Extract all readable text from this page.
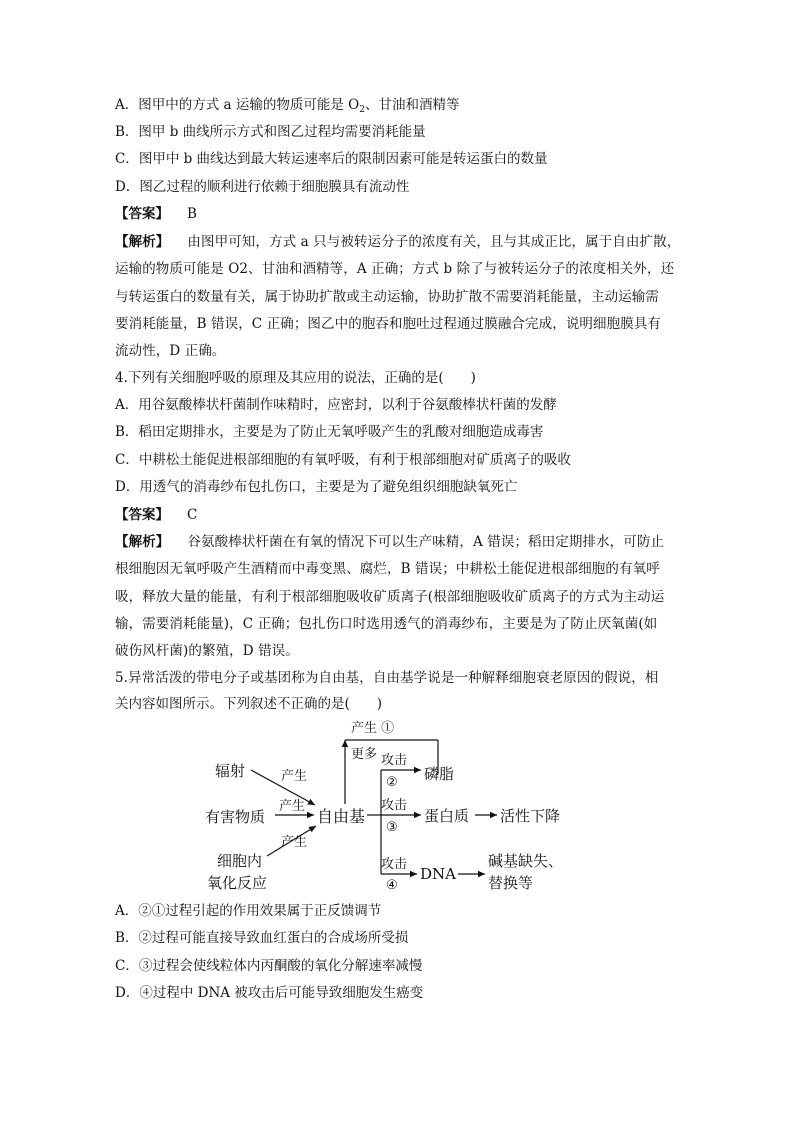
A．图甲中的方式 a 运输的物质可能是 $O_2$、甘油和酒精等
B．图甲 b 曲线所示方式和图乙过程均需要消耗能量
C．图甲中 b 曲线达到最大转运速率后的限制因素可能是转运蛋白的数量
D．图乙过程的顺利进行依赖于细胞膜具有流动性
【答案】 B
【解析】 由图甲可知，方式 a 只与被转运分子的浓度有关，且与其成正比，属于自由扩散，
运输的物质可能是 O2、甘油和酒精等，A 正确；方式 b 除了与被转运分子的浓度相关外，还
与转运蛋白的数量有关，属于协助扩散或主动运输，协助扩散不需要消耗能量，主动运输需
要消耗能量，B 错误，C 正确；图乙中的胞吞和胞吐过程通过膜融合完成，说明细胞膜具有
流动性，D 正确。
4.下列有关细胞呼吸的原理及其应用的说法，正确的是(　　)
A．用谷氨酸棒状杆菌制作味精时，应密封，以利于谷氨酸棒状杆菌的发酵
B．稻田定期排水，主要是为了防止无氧呼吸产生的乳酸对细胞造成毒害
C．中耕松土能促进根部细胞的有氧呼吸，有利于根部细胞对矿质离子的吸收
D．用透气的消毒纱布包扎伤口，主要是为了避免组织细胞缺氧死亡
【答案】 C
【解析】 谷氨酸棒状杆菌在有氧的情况下可以生产味精，A 错误；稻田定期排水，可防止
根细胞因无氧呼吸产生酒精而中毒变黑、腐烂，B 错误；中耕松土能促进根部细胞的有氧呼
吸，释放大量的能量，有利于根部细胞吸收矿质离子(根部细胞吸收矿质离子的方式为主动运
输，需要消耗能量)，C 正确；包扎伤口时选用透气的消毒纱布，主要是为了防止厌氧菌(如
破伤风杆菌)的繁殖，D 错误。
5.异常活泼的带电分子或基团称为自由基，自由基学说是一种解释细胞衰老原因的假说，相
关内容如图所示。下列叙述不正确的是(　　)
辐射
有害物质
细胞内
氧化反应
产生
产生
产生
自由基
产生 ①
更多 攻击
② 磷脂
攻击
③
蛋白质 活性下降
攻击
④
DNA
碱基缺失、
替换等
A．②①过程引起的作用效果属于正反馈调节
B．②过程可能直接导致血红蛋白的合成场所受损
C．③过程会使线粒体内丙酮酸的氧化分解速率减慢
D．④过程中 DNA 被攻击后可能导致细胞发生癌变
